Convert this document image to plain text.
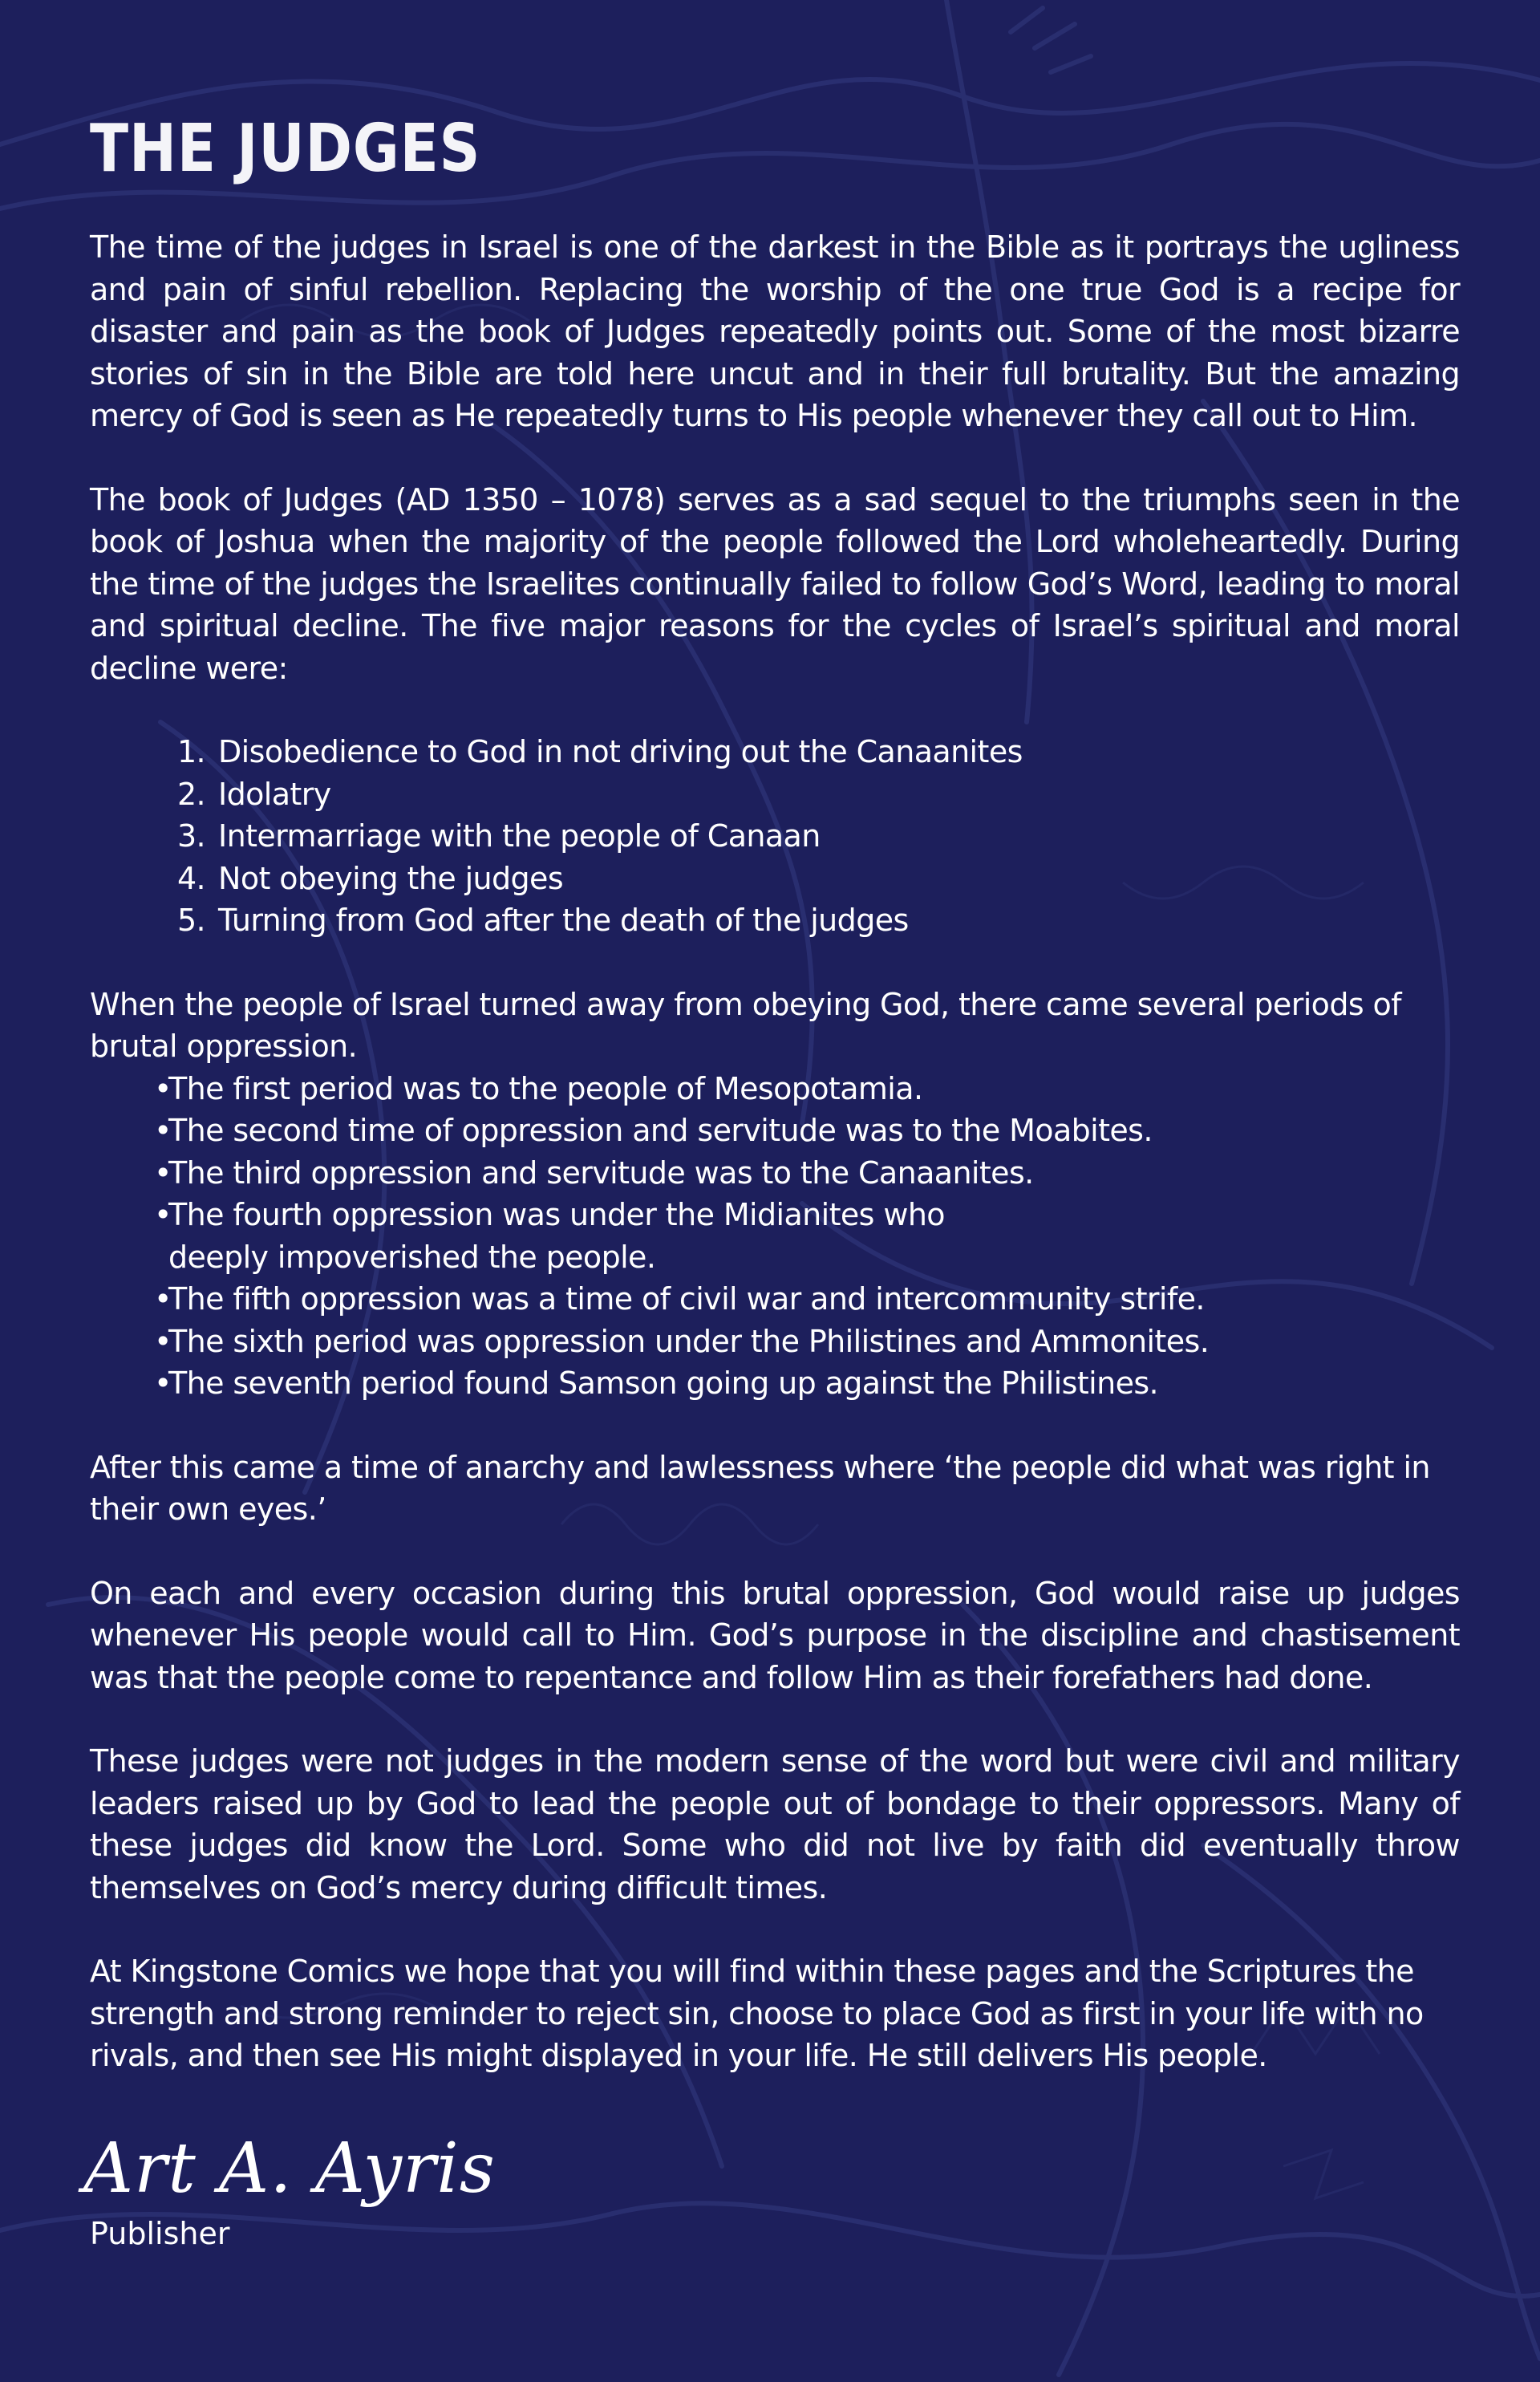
THE JUDGES

The time of the judges in Israel is one of the darkest in the Bible as it portrays the ugliness and pain of sinful rebellion. Replacing the worship of the one true God is a recipe for disaster and pain as the book of Judges repeatedly points out. Some of the most bizarre stories of sin in the Bible are told here uncut and in their full brutality. But the amazing mercy of God is seen as He repeatedly turns to His people whenever they call out to Him.

The book of Judges (AD 1350 – 1078) serves as a sad sequel to the triumphs seen in the book of Joshua when the majority of the people followed the Lord wholeheartedly. During the time of the judges the Israelites continually failed to follow God’s Word, leading to moral and spiritual decline. The five major reasons for the cycles of Israel’s spiritual and moral decline were:

1. Disobedience to God in not driving out the Canaanites
2. Idolatry
3. Intermarriage with the people of Canaan
4. Not obeying the judges
5. Turning from God after the death of the judges

When the people of Israel turned away from obeying God, there came several periods of brutal oppression.

•The first period was to the people of Mesopotamia.
•The second time of oppression and servitude was to the Moabites.
•The third oppression and servitude was to the Canaanites.
•The fourth oppression was under the Midianites who deeply impoverished the people.
•The fifth oppression was a time of civil war and intercommunity strife.
•The sixth period was oppression under the Philistines and Ammonites.
•The seventh period found Samson going up against the Philistines.

After this came a time of anarchy and lawlessness where ‘the people did what was right in their own eyes.’

On each and every occasion during this brutal oppression, God would raise up judges whenever His people would call to Him. God’s purpose in the discipline and chastisement was that the people come to repentance and follow Him as their forefathers had done.

These judges were not judges in the modern sense of the word but were civil and military leaders raised up by God to lead the people out of bondage to their oppressors. Many of these judges did know the Lord. Some who did not live by faith did eventually throw themselves on God’s mercy during difficult times.

At Kingstone Comics we hope that you will find within these pages and the Scriptures the strength and strong reminder to reject sin, choose to place God as first in your life with no rivals, and then see His might displayed in your life. He still delivers His people.

Art A. Ayris
Publisher
